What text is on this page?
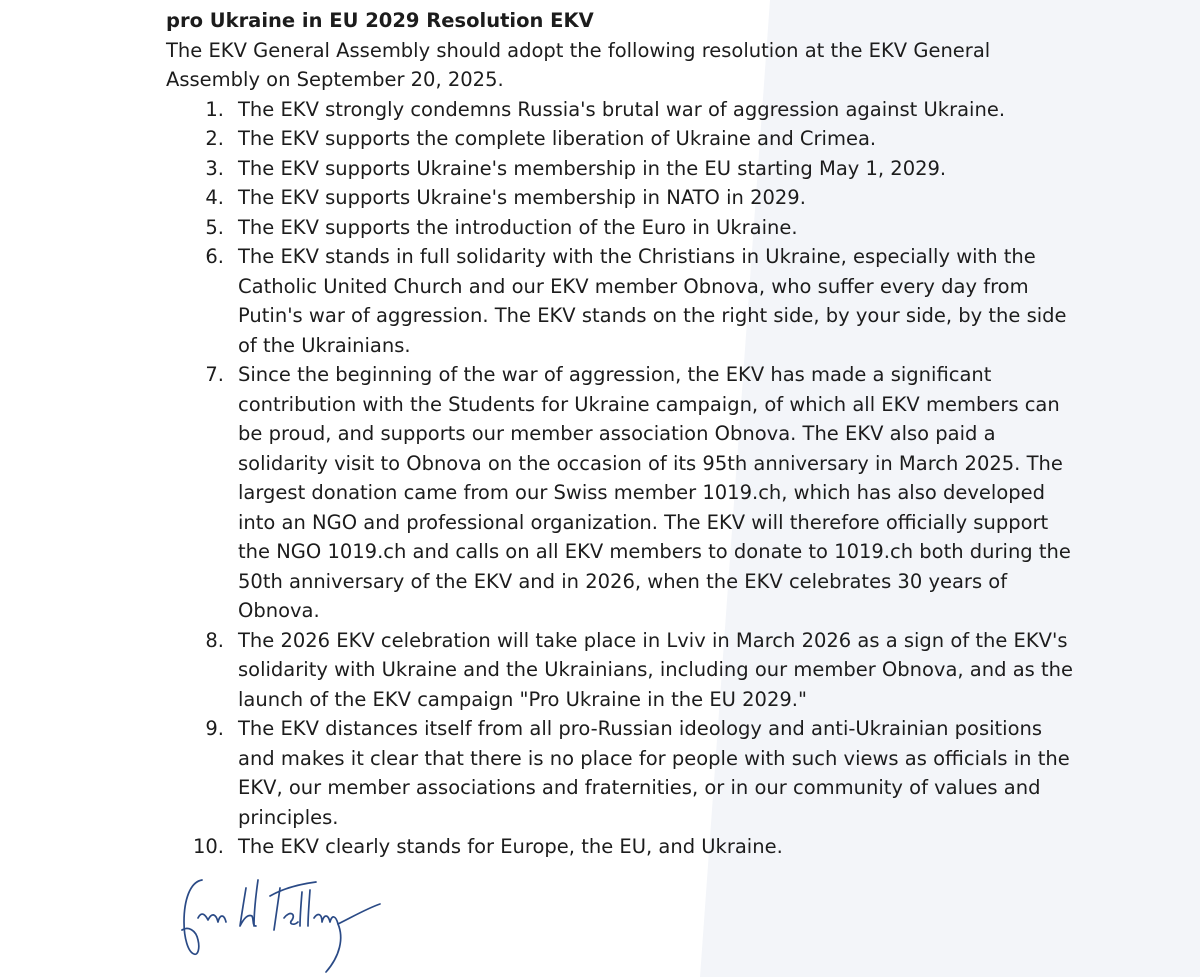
pro Ukraine in EU 2029 Resolution EKV

The EKV General Assembly should adopt the following resolution at the EKV General Assembly on September 20, 2025.

1. The EKV strongly condemns Russia's brutal war of aggression against Ukraine.
2. The EKV supports the complete liberation of Ukraine and Crimea.
3. The EKV supports Ukraine's membership in the EU starting May 1, 2029.
4. The EKV supports Ukraine's membership in NATO in 2029.
5. The EKV supports the introduction of the Euro in Ukraine.
6. The EKV stands in full solidarity with the Christians in Ukraine, especially with the Catholic United Church and our EKV member Obnova, who suffer every day from Putin's war of aggression. The EKV stands on the right side, by your side, by the side of the Ukrainians.
7. Since the beginning of the war of aggression, the EKV has made a significant contribution with the Students for Ukraine campaign, of which all EKV members can be proud, and supports our member association Obnova. The EKV also paid a solidarity visit to Obnova on the occasion of its 95th anniversary in March 2025. The largest donation came from our Swiss member 1019.ch, which has also developed into an NGO and professional organization. The EKV will therefore officially support the NGO 1019.ch and calls on all EKV members to donate to 1019.ch both during the 50th anniversary of the EKV and in 2026, when the EKV celebrates 30 years of Obnova.
8. The 2026 EKV celebration will take place in Lviv in March 2026 as a sign of the EKV's solidarity with Ukraine and the Ukrainians, including our member Obnova, and as the launch of the EKV campaign "Pro Ukraine in the EU 2029."
9. The EKV distances itself from all pro-Russian ideology and anti-Ukrainian positions and makes it clear that there is no place for people with such views as officials in the EKV, our member associations and fraternities, or in our community of values and principles.
10. The EKV clearly stands for Europe, the EU, and Ukraine.
